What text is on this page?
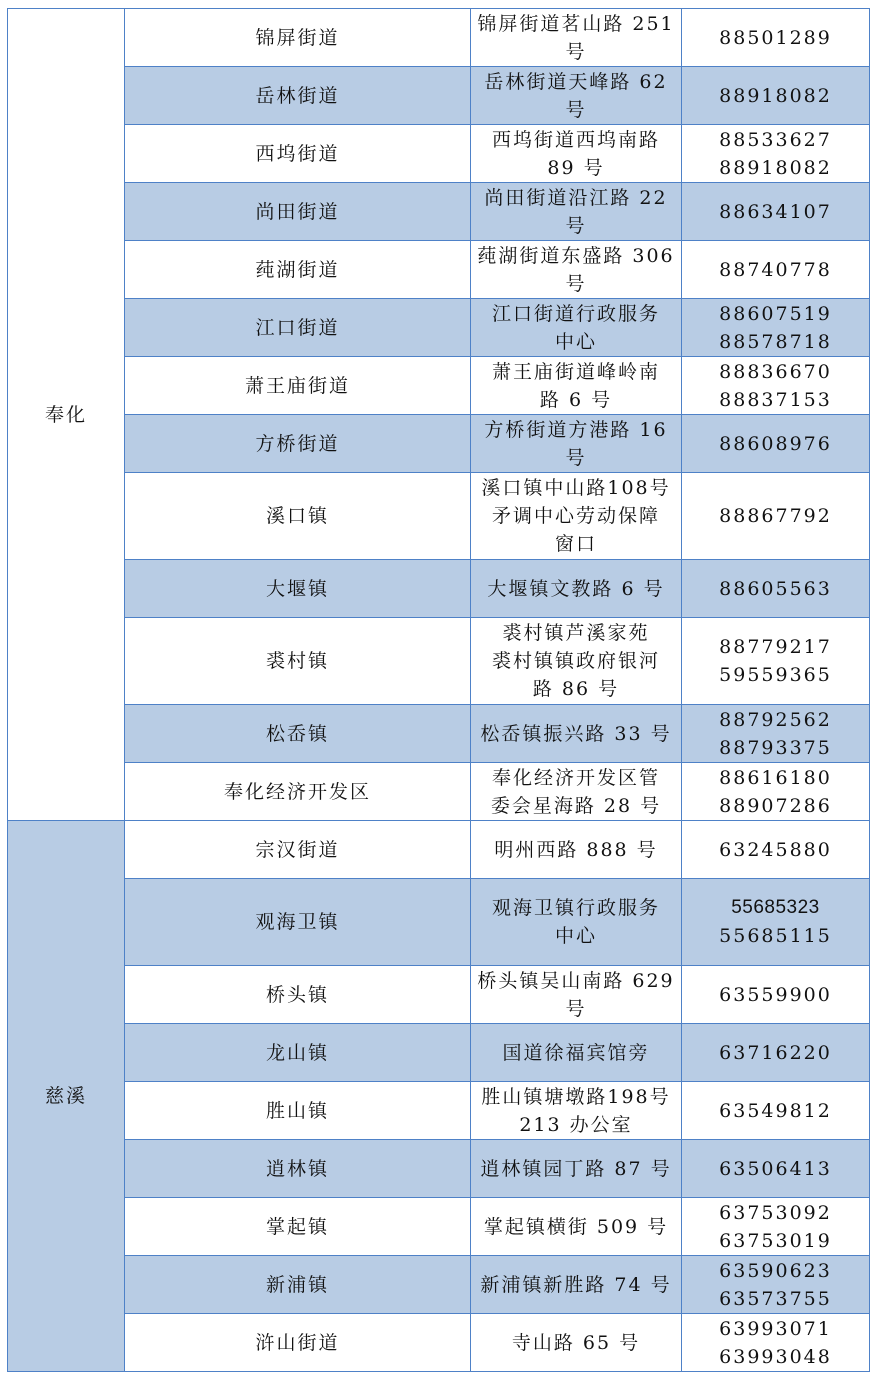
奉化	锦屏街道	锦屏街道茗山路 251
号	88501289

	岳林街道	岳林街道天峰路 62
号	88918082

	西坞街道	西坞街道西坞南路
89 号	88533627
88918082

	尚田街道	尚田街道沿江路 22
号	88634107

	莼湖街道	莼湖街道东盛路 306
号	88740778

	江口街道	江口街道行政服务
中心	88607519
88578718

	萧王庙街道	萧王庙街道峰岭南
路 6 号	88836670
88837153

	方桥街道	方桥街道方港路 16
号	88608976

	溪口镇	溪口镇中山路108号
矛调中心劳动保障
窗口	88867792

	大堰镇	大堰镇文教路 6 号	88605563

	裘村镇	裘村镇芦溪家苑
裘村镇镇政府银河
路 86 号	88779217
59559365

	松岙镇	松岙镇振兴路 33 号	88792562
88793375

	奉化经济开发区	奉化经济开发区管
委会星海路 28 号	88616180
88907286

慈溪	宗汉街道	明州西路 888 号	63245880

	观海卫镇	观海卫镇行政服务
中心	55685323
55685115

	桥头镇	桥头镇吴山南路 629
号	63559900

	龙山镇	国道徐福宾馆旁	63716220

	胜山镇	胜山镇塘墩路198号
213 办公室	63549812

	逍林镇	逍林镇园丁路 87 号	63506413

	掌起镇	掌起镇横街 509 号	63753092
63753019

	新浦镇	新浦镇新胜路 74 号	63590623
63573755

	浒山街道	寺山路 65 号	63993071
63993048
